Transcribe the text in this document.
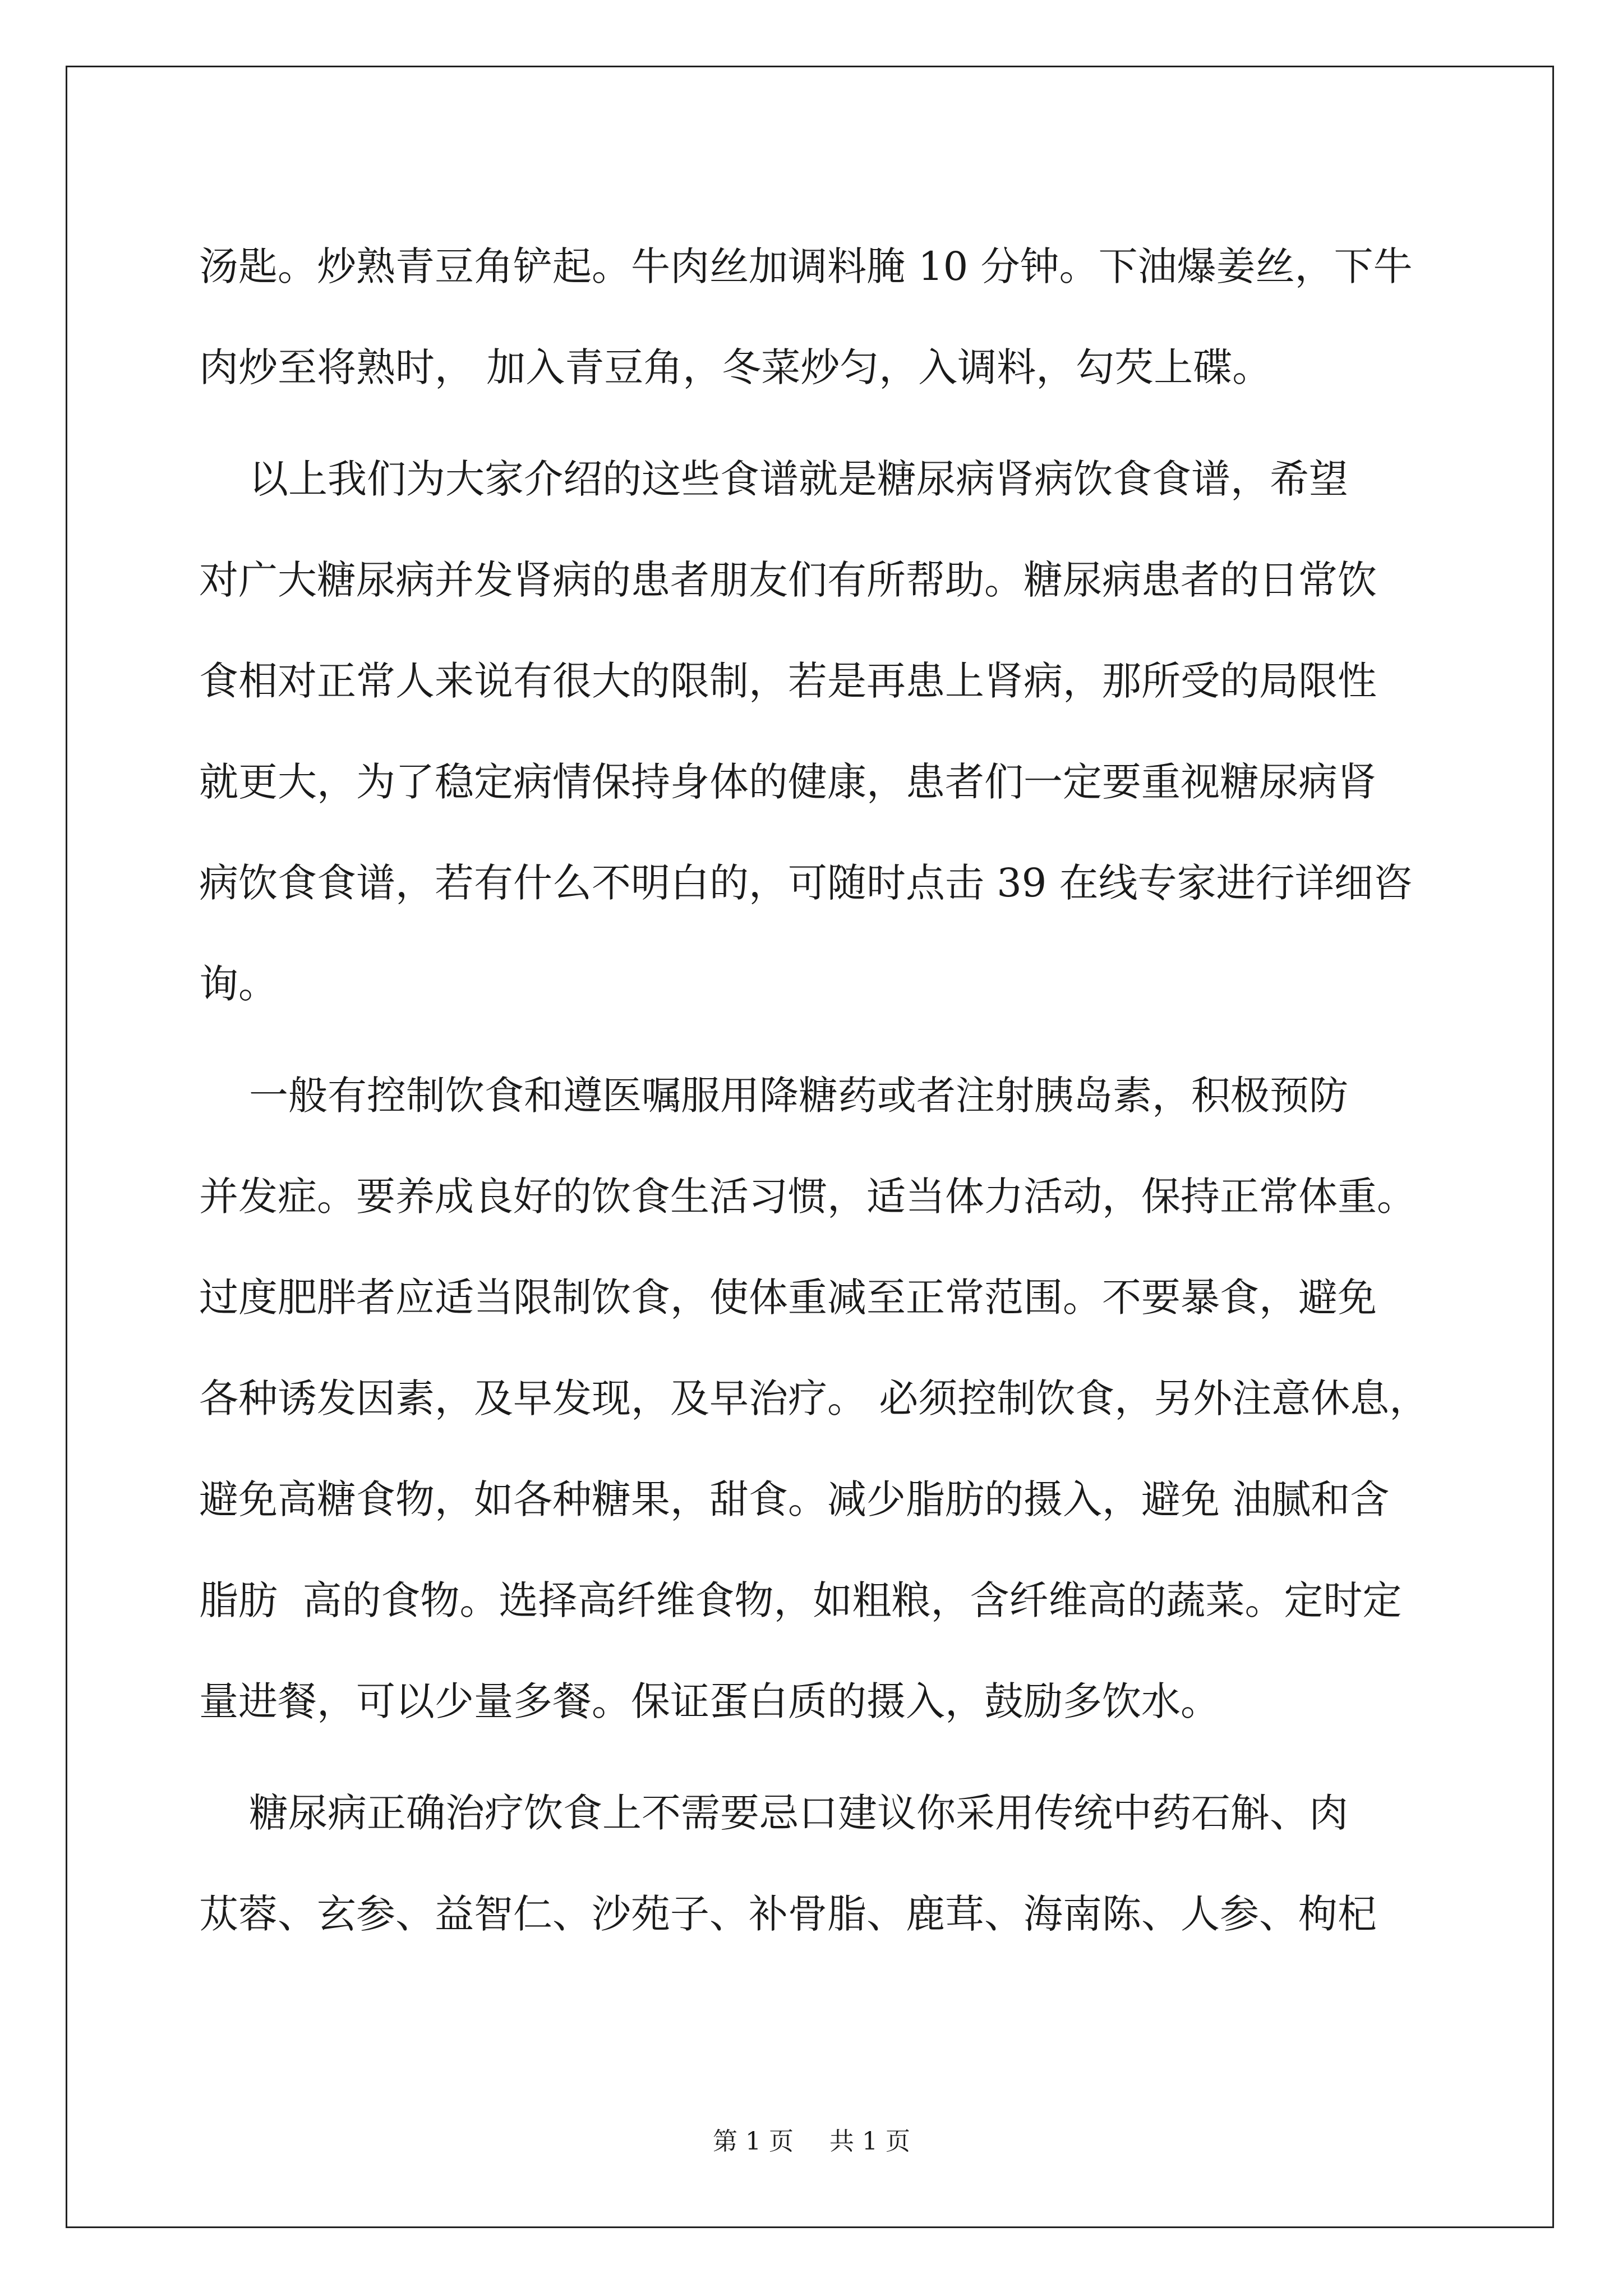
汤匙。炒熟青豆角铲起。牛肉丝加调料腌 10 分钟。下油爆姜丝，下牛
肉炒至将熟时， 加入青豆角，冬菜炒匀，入调料，勾芡上碟。
以上我们为大家介绍的这些食谱就是糖尿病肾病饮食食谱，希望
对广大糖尿病并发肾病的患者朋友们有所帮助。糖尿病患者的日常饮
食相对正常人来说有很大的限制，若是再患上肾病，那所受的局限性
就更大，为了稳定病情保持身体的健康，患者们一定要重视糖尿病肾
病饮食食谱，若有什么不明白的，可随时点击 39 在线专家进行详细咨
询。
一般有控制饮食和遵医嘱服用降糖药或者注射胰岛素，积极预防
并发症。要养成良好的饮食生活习惯，适当体力活动，保持正常体重。
过度肥胖者应适当限制饮食，使体重减至正常范围。不要暴食，避免
各种诱发因素，及早发现，及早治疗。 必须控制饮食，另外注意休息，
避免高糖食物，如各种糖果，甜食。减少脂肪的摄入，避免 油腻和含
脂肪  高的食物。选择高纤维食物，如粗粮，含纤维高的蔬菜。定时定
量进餐，可以少量多餐。保证蛋白质的摄入，鼓励多饮水。
糖尿病正确治疗饮食上不需要忌口建议你采用传统中药石斛、肉
苁蓉、玄参、益智仁、沙苑子、补骨脂、鹿茸、海南陈、人参、枸杞
第 1 页 共 1 页
